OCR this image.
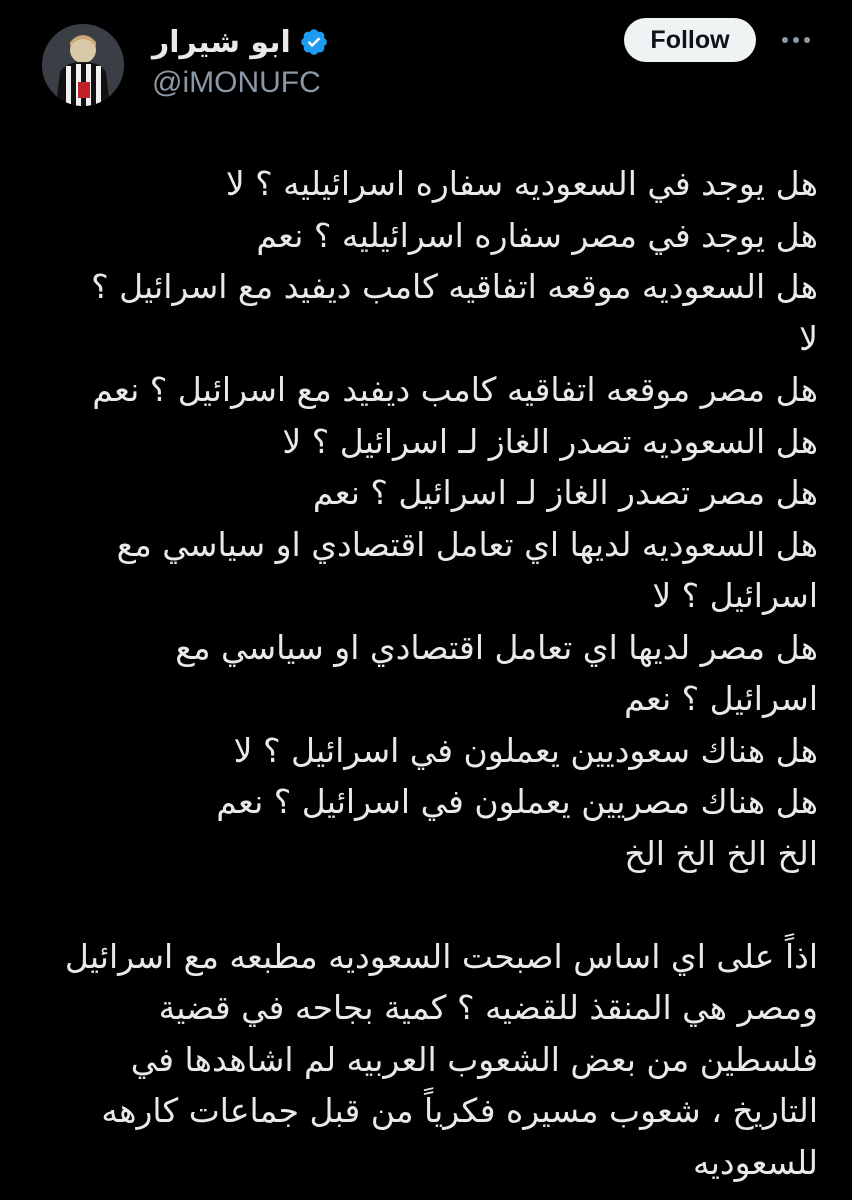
ابو شيرار
@iMONUFC
Follow
هل يوجد في السعوديه سفاره اسرائيليه ؟ لا
هل يوجد في مصر سفاره اسرائيليه ؟ نعم
هل السعوديه موقعه اتفاقيه كامب ديفيد مع اسرائيل ؟
لا
هل مصر موقعه اتفاقيه كامب ديفيد مع اسرائيل ؟ نعم
هل السعوديه تصدر الغاز لـ اسرائيل ؟ لا
هل مصر تصدر الغاز لـ اسرائيل ؟ نعم
هل السعوديه لديها اي تعامل اقتصادي او سياسي مع
اسرائيل ؟ لا
هل مصر لديها اي تعامل اقتصادي او سياسي مع
اسرائيل ؟ نعم
هل هناك سعوديين يعملون في اسرائيل ؟ لا
هل هناك مصريين يعملون في اسرائيل ؟ نعم
الخ الخ الخ الخ
اذاً على اي اساس اصبحت السعوديه مطبعه مع اسرائيل
ومصر هي المنقذ للقضيه ؟ كمية بجاحه في قضية
فلسطين من بعض الشعوب العربيه لم اشاهدها في
التاريخ ، شعوب مسيره فكرياً من قبل جماعات كارهه
للسعوديه
